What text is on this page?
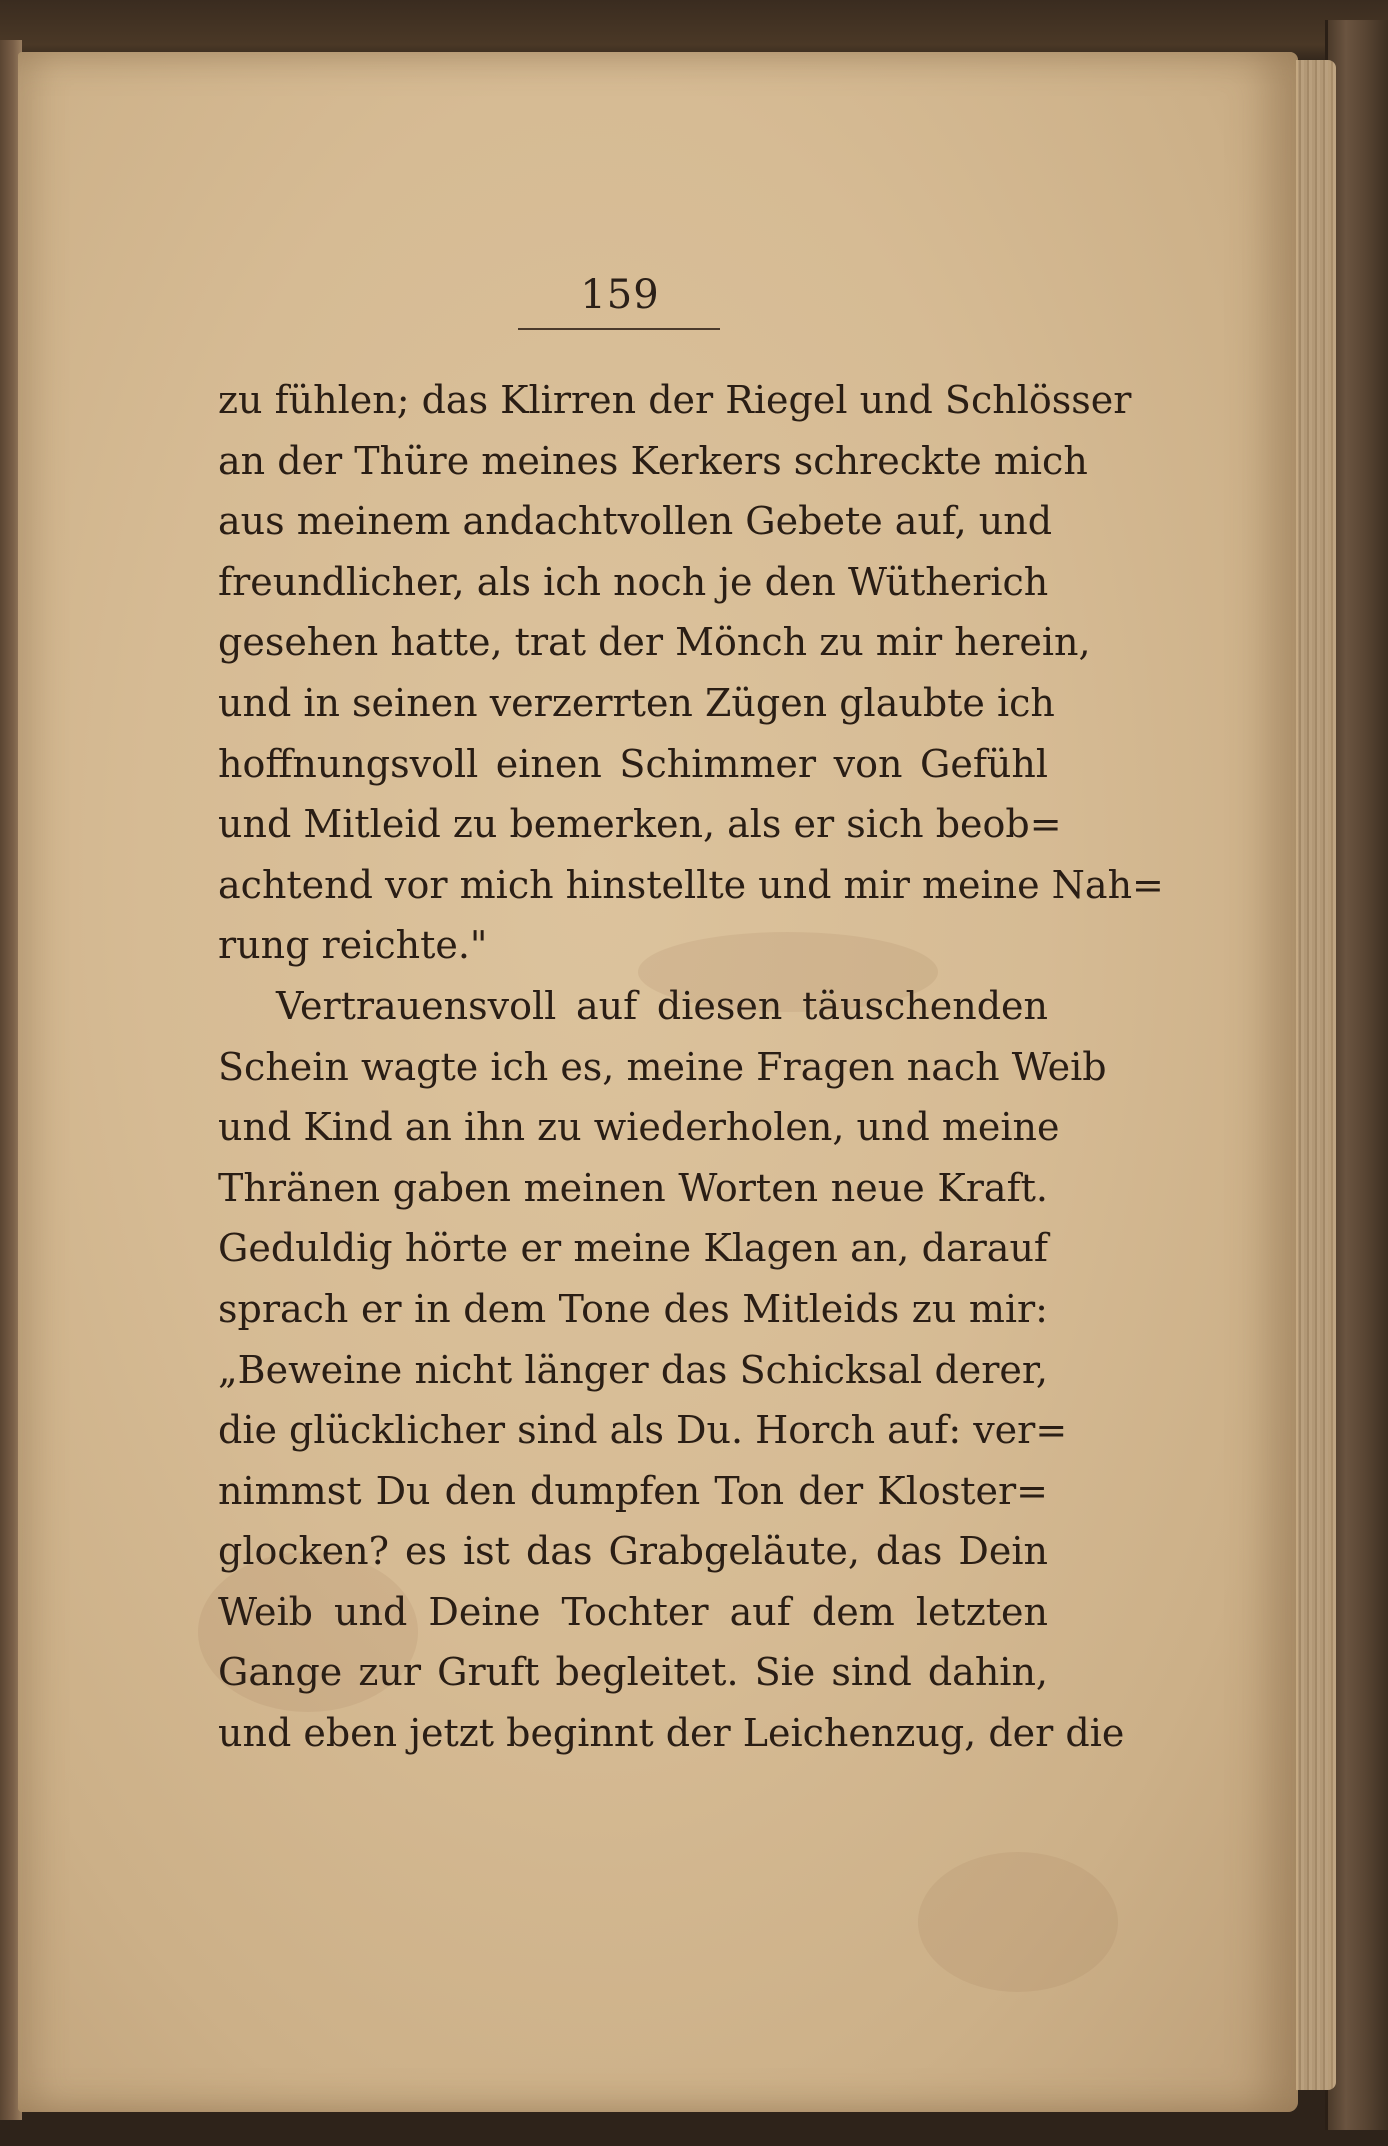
159
zu fühlen; das Klirren der Riegel und Schlösser
an der Thüre meines Kerkers schreckte mich
aus meinem andachtvollen Gebete auf, und
freundlicher, als ich noch je den Wütherich
gesehen hatte, trat der Mönch zu mir herein,
und in seinen verzerrten Zügen glaubte ich
hoffnungsvoll einen Schimmer von Gefühl
und Mitleid zu bemerken, als er sich beob=
achtend vor mich hinstellte und mir meine Nah=
rung reichte."
Vertrauensvoll auf diesen täuschenden
Schein wagte ich es, meine Fragen nach Weib
und Kind an ihn zu wiederholen, und meine
Thränen gaben meinen Worten neue Kraft.
Geduldig hörte er meine Klagen an, darauf
sprach er in dem Tone des Mitleids zu mir:
„Beweine nicht länger das Schicksal derer,
die glücklicher sind als Du. Horch auf: ver=
nimmst Du den dumpfen Ton der Kloster=
glocken? es ist das Grabgeläute, das Dein
Weib und Deine Tochter auf dem letzten
Gange zur Gruft begleitet. Sie sind dahin,
und eben jetzt beginnt der Leichenzug, der die
